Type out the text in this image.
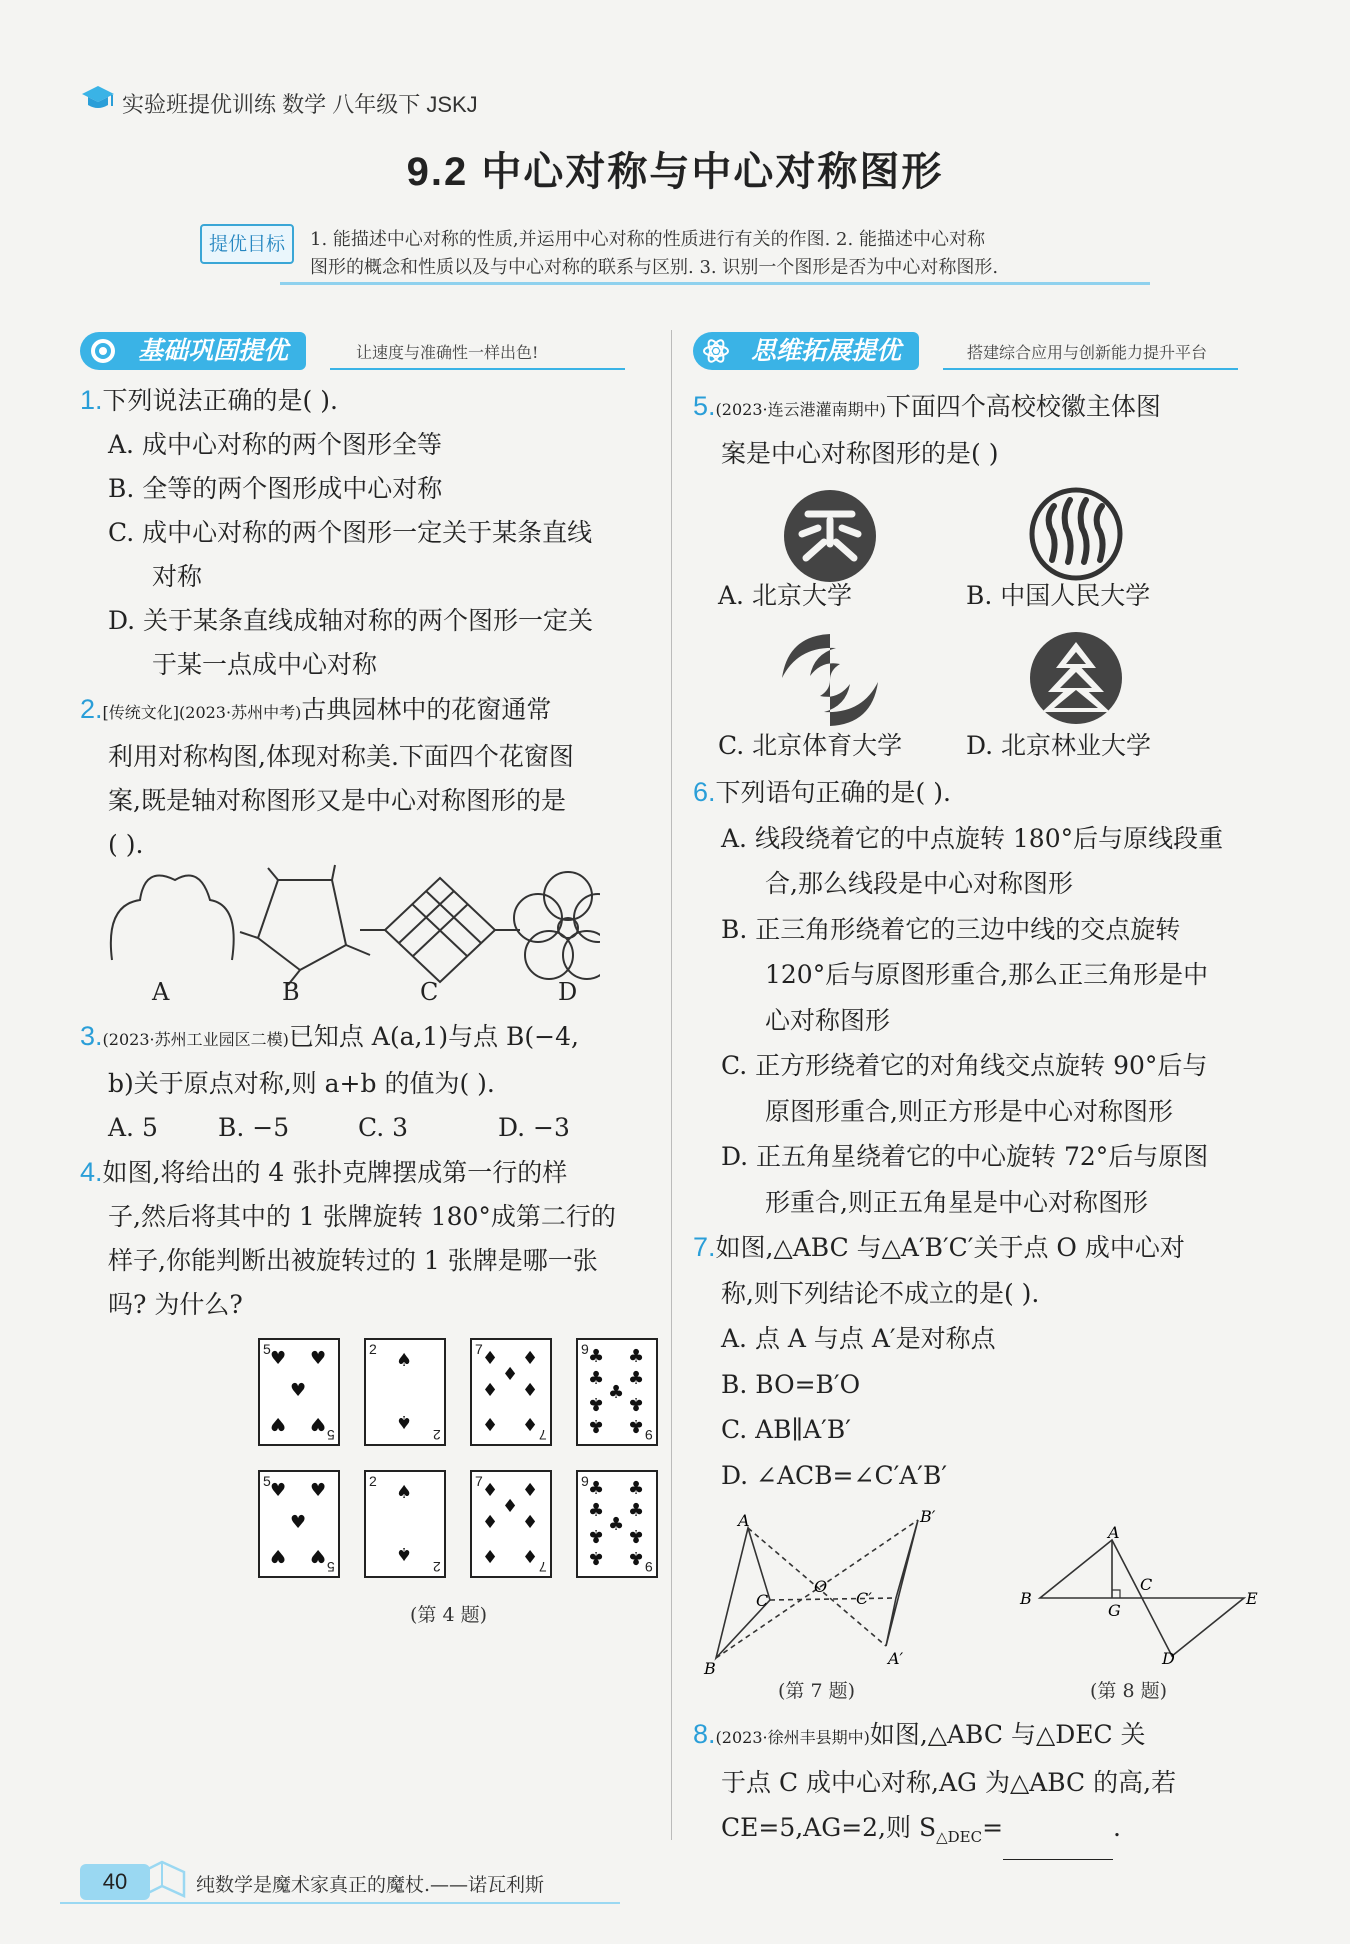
实验班提优训练 数学 八年级下 JSKJ
9.2 中心对称与中心对称图形
提优目标	1. 能描述中心对称的性质,并运用中心对称的性质进行有关的作图. 2. 能描述中心对称
图形的概念和性质以及与中心对称的联系与区别. 3. 识别一个图形是否为中心对称图形.
基础巩固提优	让速度与准确性一样出色!	思维拓展提优	搭建综合应用与创新能力提升平台
1.下列说法正确的是( ).
A. 成中心对称的两个图形全等
B. 全等的两个图形成中心对称
C. 成中心对称的两个图形一定关于某条直线
对称
D. 关于某条直线成轴对称的两个图形一定关
于某一点成中心对称
2.[传统文化](2023·苏州中考)古典园林中的花窗通常
利用对称构图,体现对称美.下面四个花窗图
案,既是轴对称图形又是中心对称图形的是
( ).
A	B	C	D
3.(2023·苏州工业园区二模)已知点 A(a,1)与点 B(−4,
b)关于原点对称,则 a+b 的值为( ).
A. 5	B. −5	C. 3	D. −3
4.如图,将给出的 4 张扑克牌摆成第一行的样
子,然后将其中的 1 张牌旋转 180°成第二行的
样子,你能判断出被旋转过的 1 张牌是哪一张
吗? 为什么?
5
5
♥ ♥
♥
♥ ♥
2
2
♠
♠
7
7
♦ ♦
♦
♦ ♦
♦ ♦
9
9
♣ ♣
♣ ♣
♣
♣ ♣
♣ ♣
5
5
♥ ♥
♥
♥ ♥
2
2
♠
♠
7
7
♦ ♦
♦
♦ ♦
♦ ♦
9
9
♣ ♣
♣ ♣
♣
♣ ♣
♣ ♣
(第 4 题)
5.(2023·连云港灌南期中)下面四个高校校徽主体图
案是中心对称图形的是( )
A. 北京大学	B. 中国人民大学
C. 北京体育大学	D. 北京林业大学
6.下列语句正确的是( ).
A. 线段绕着它的中点旋转 180°后与原线段重
合,那么线段是中心对称图形
B. 正三角形绕着它的三边中线的交点旋转
120°后与原图形重合,那么正三角形是中
心对称图形
C. 正方形绕着它的对角线交点旋转 90°后与
原图形重合,则正方形是中心对称图形
D. 正五角星绕着它的中心旋转 72°后与原图
形重合,则正五角星是中心对称图形
7.如图,△ABC 与△A′B′C′关于点 O 成中心对
称,则下列结论不成立的是( ).
A. 点 A 与点 A′是对称点
B. BO=B′O
C. AB∥A′B′
D. ∠ACB=∠C′A′B′
A
B
C
O
A′
B′
C′
(第 7 题)
A
B
C
D
E
G
(第 8 题)
8.(2023·徐州丰县期中)如图,△ABC 与△DEC 关
于点 C 成中心对称,AG 为△ABC 的高,若
CE=5,AG=2,则 $S_{\triangle DEC}=$	.
40	纯数学是魔术家真正的魔杖.——诺瓦利斯
